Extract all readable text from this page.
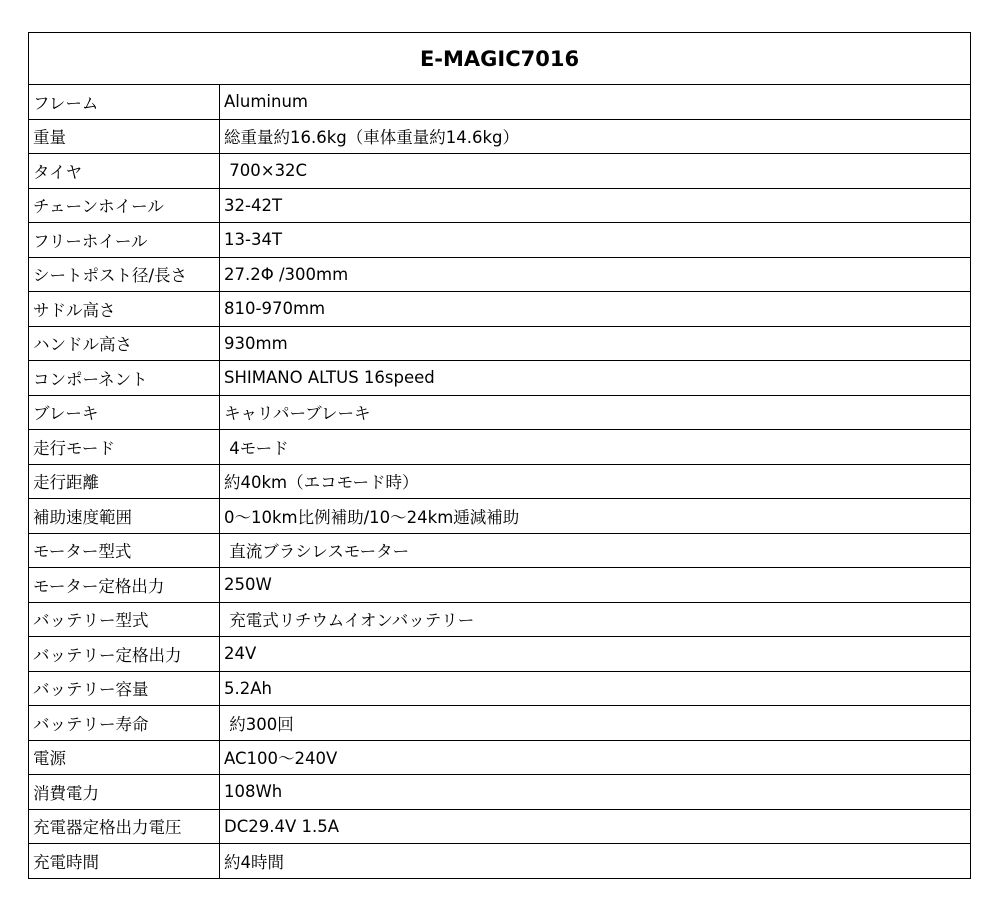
E-MAGIC7016	
フレーム	Aluminum
重量	総重量約16.6kg（車体重量約14.6kg）
タイヤ	700×32C
チェーンホイール	32-42T
フリーホイール	13-34T
シートポスト径/長さ	27.2Φ /300mm
サドル高さ	810-970mm
ハンドル高さ	930mm
コンポーネント	SHIMANO ALTUS 16speed
ブレーキ	キャリパーブレーキ
走行モード	4モード
走行距離	約40km（エコモード時）
補助速度範囲	0～10km比例補助/10～24km逓減補助
モーター型式	直流ブラシレスモーター
モーター定格出力	250W
バッテリー型式	充電式リチウムイオンバッテリー
バッテリー定格出力	24V
バッテリー容量	5.2Ah
バッテリー寿命	約300回
電源	AC100～240V
消費電力	108Wh
充電器定格出力電圧	DC29.4V 1.5A
充電時間	約4時間
